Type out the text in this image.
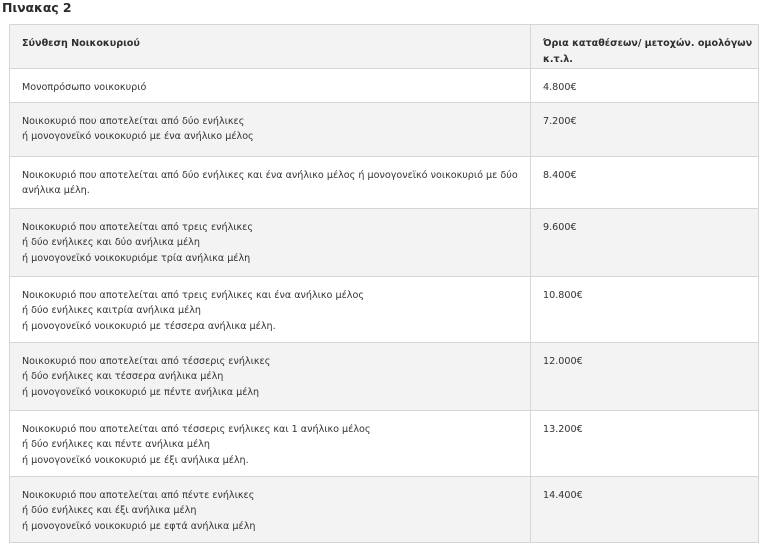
Πινακας 2
Σύνθεση Νοικοκυριού	Όρια καταθέσεων/ μετοχών. ομολόγων κ.τ.λ.
Μονοπρόσωπο νοικοκυριό	4.800€
Νοικοκυριό που αποτελείται από δύο ενήλικες
ή μονογονεϊκό νοικοκυριό με ένα ανήλικο μέλος	7.200€
Νοικοκυριό που αποτελείται από δύο ενήλικες και ένα ανήλικο μέλος ή μονογονεϊκό νοικοκυριό με δύο ανήλικα μέλη.	8.400€
Νοικοκυριό που αποτελείται από τρεις ενήλικες
ή δύο ενήλικες και δύο ανήλικα μέλη
ή μονογονεϊκό νοικοκυριόμε τρία ανήλικα μέλη	9.600€
Νοικοκυριό που αποτελείται από τρεις ενήλικες και ένα ανήλικο μέλος
ή δύο ενήλικες καιτρία ανήλικα μέλη
ή μονογονεϊκό νοικοκυριό με τέσσερα ανήλικα μέλη.	10.800€
Νοικοκυριό που αποτελείται από τέσσερις ενήλικες
ή δύο ενήλικες και τέσσερα ανήλικα μέλη
ή μονογονεϊκό νοικοκυριό με πέντε ανήλικα μέλη	12.000€
Νοικοκυριό που αποτελείται από τέσσερις ενήλικες και 1 ανήλικο μέλος
ή δύο ενήλικες και πέντε ανήλικα μέλη
ή μονογονεϊκό νοικοκυριό με έξι ανήλικα μέλη.	13.200€
Νοικοκυριό που αποτελείται από πέντε ενήλικες
ή δύο ενήλικες και έξι ανήλικα μέλη
ή μονογονεϊκό νοικοκυριό με εφτά ανήλικα μέλη	14.400€
